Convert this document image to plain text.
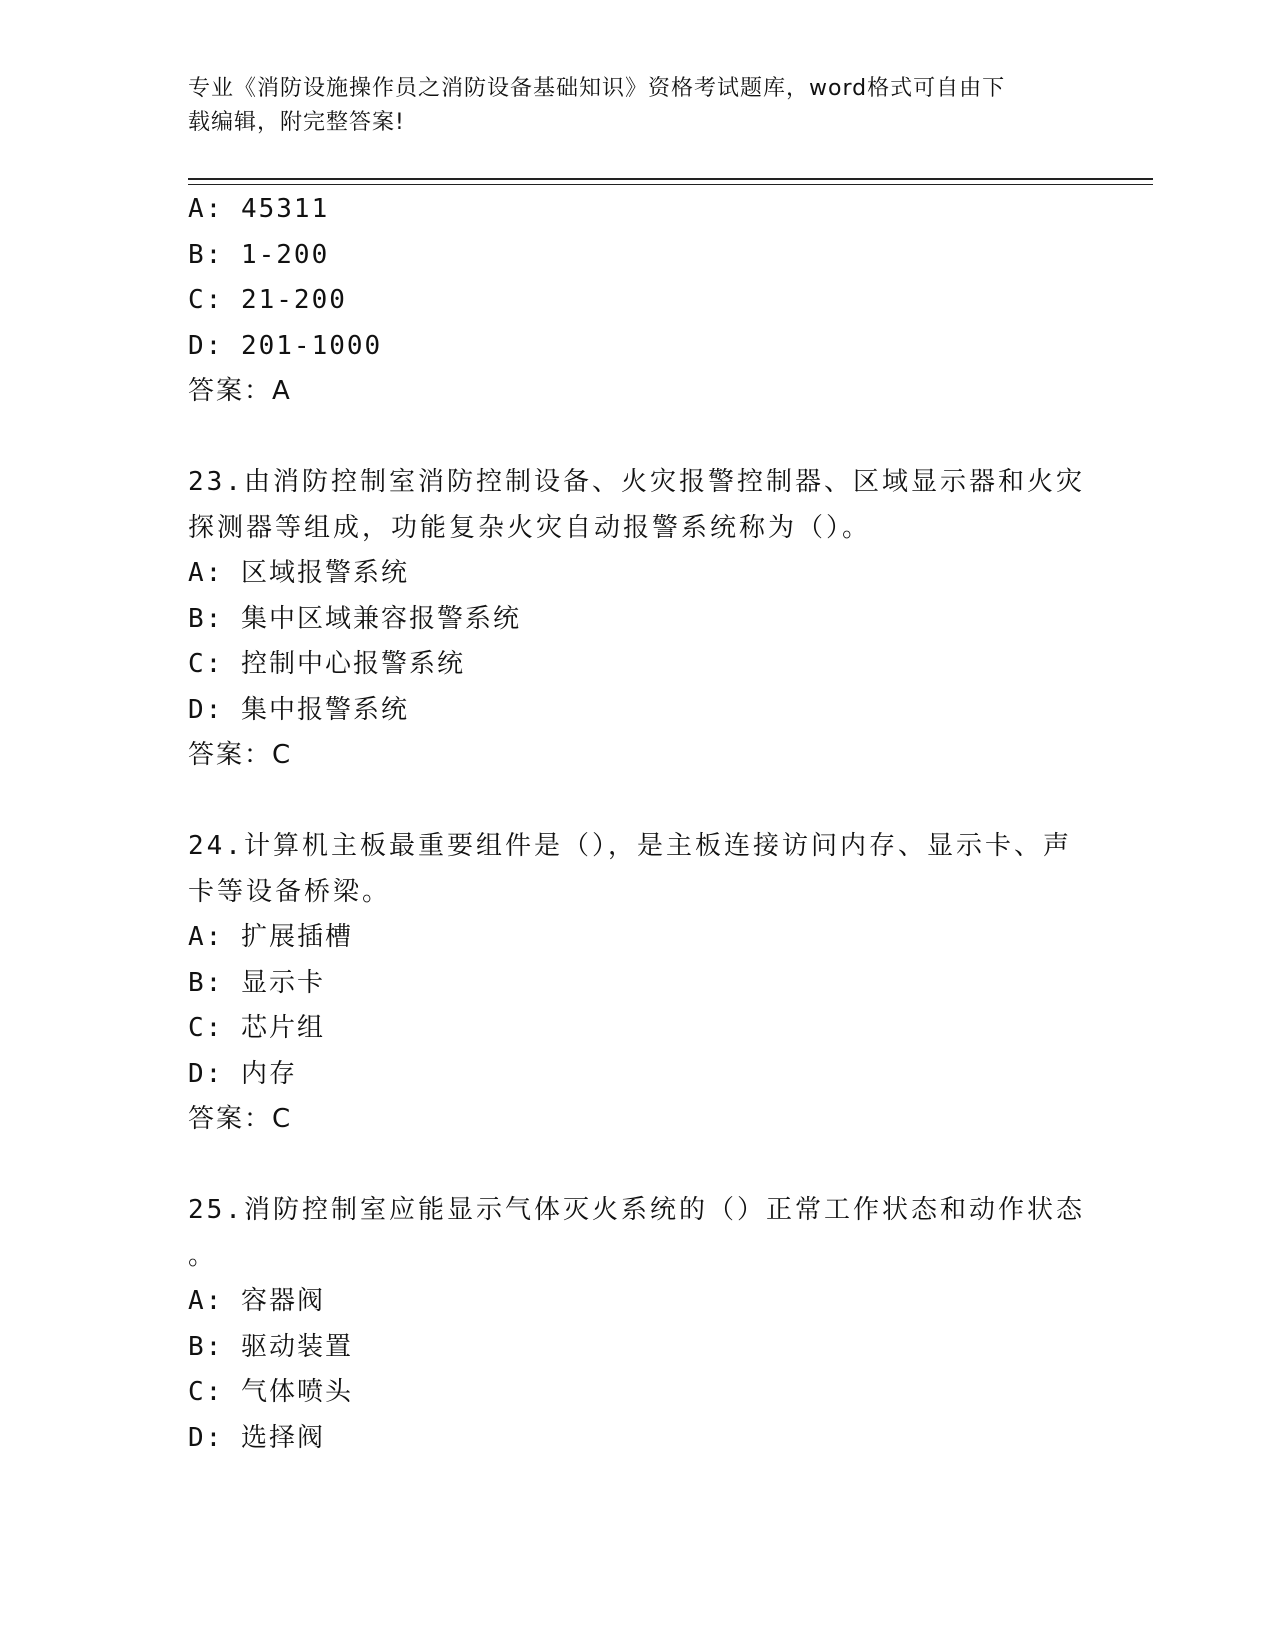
专业《消防设施操作员之消防设备基础知识》资格考试题库，word格式可自由下
载编辑，附完整答案!
A: 45311
B: 1-200
C: 21-200
D: 201-1000
答案：A
23.由消防控制室消防控制设备、火灾报警控制器、区域显示器和火灾
探测器等组成，功能复杂火灾自动报警系统称为（）。
A: 区域报警系统
B: 集中区域兼容报警系统
C: 控制中心报警系统
D: 集中报警系统
答案：C
24.计算机主板最重要组件是（），是主板连接访问内存、显示卡、声
卡等设备桥梁。
A: 扩展插槽
B: 显示卡
C: 芯片组
D: 内存
答案：C
25.消防控制室应能显示气体灭火系统的（）正常工作状态和动作状态
。
A: 容器阀
B: 驱动装置
C: 气体喷头
D: 选择阀
